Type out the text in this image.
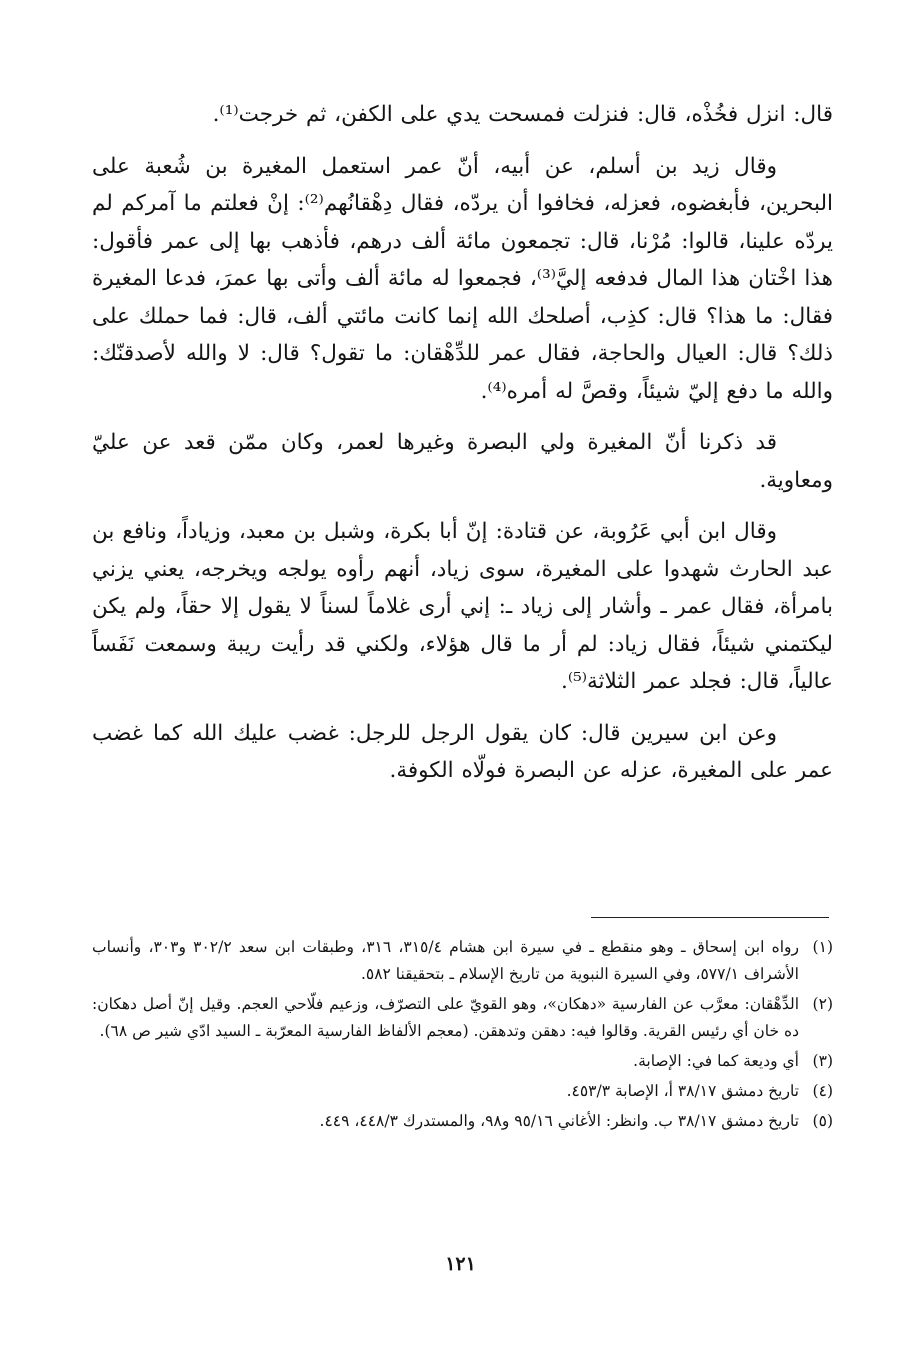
قال: انزل فخُذْه، قال: فنزلت فمسحت يدي على الكفن، ثم خرجت⁽¹⁾.

وقال زيد بن أسلم، عن أبيه، أنّ عمر استعمل المغيرة بن شُعبة على البحرين، فأبغضوه، فعزله، فخافوا أن يردّه، فقال دِهْقانُهم⁽²⁾: إنْ فعلتم ما آمركم لم يردّه علينا، قالوا: مُرْنا، قال: تجمعون مائة ألف درهم، فأذهب بها إلى عمر فأقول: هذا اخْتان هذا المال فدفعه إليَّ⁽³⁾، فجمعوا له مائة ألف وأتى بها عمرَ، فدعا المغيرة فقال: ما هذا؟ قال: كذِب، أصلحك الله إنما كانت مائتي ألف، قال: فما حملك على ذلك؟ قال: العيال والحاجة، فقال عمر للدِّهْقان: ما تقول؟ قال: لا والله لأصدقنّك: والله ما دفع إليّ شيئاً، وقصَّ له أمره⁽⁴⁾.

قد ذكرنا أنّ المغيرة ولي البصرة وغيرها لعمر، وكان ممّن قعد عن عليّ ومعاوية.

وقال ابن أبي عَرُوبة، عن قتادة: إنّ أبا بكرة، وشبل بن معبد، وزياداً، ونافع بن عبد الحارث شهدوا على المغيرة، سوى زياد، أنهم رأوه يولجه ويخرجه، يعني يزني بامرأة، فقال عمر ـ وأشار إلى زياد ـ: إني أرى غلاماً لسناً لا يقول إلا حقاً، ولم يكن ليكتمني شيئاً، فقال زياد: لم أر ما قال هؤلاء، ولكني قد رأيت ريبة وسمعت نَفَساً عالياً، قال: فجلد عمر الثلاثة⁽⁵⁾.

وعن ابن سيرين قال: كان يقول الرجل للرجل: غضب عليك الله كما غضب عمر على المغيرة، عزله عن البصرة فولّاه الكوفة.

(١)
رواه ابن إسحاق ـ وهو منقطع ـ في سيرة ابن هشام ٣١٥/٤، ٣١٦، وطبقات ابن سعد ٣٠٢/٢ و٣٠٣، وأنساب الأشراف ٥٧٧/١، وفي السيرة النبوية من تاريخ الإسلام ـ بتحقيقنا ٥٨٢.
(٢)
الدِّهْقان: معرَّب عن الفارسية «دهكان»، وهو القويّ على التصرّف، وزعيم فلّاحي العجم. وقيل إنّ أصل دهكان: ده خان أي رئيس القرية. وقالوا فيه: دهقن وتدهقن. (معجم الألفاظ الفارسية المعرّبة ـ السيد ادّي شير ص ٦٨).
(٣)
أي وديعة كما في: الإصابة.
(٤)
تاريخ دمشق ٣٨/١٧ أ، الإصابة ٤٥٣/٣.
(٥)
تاريخ دمشق ٣٨/١٧ ب. وانظر: الأغاني ٩٥/١٦ و٩٨، والمستدرك ٤٤٨/٣، ٤٤٩.
١٢١
